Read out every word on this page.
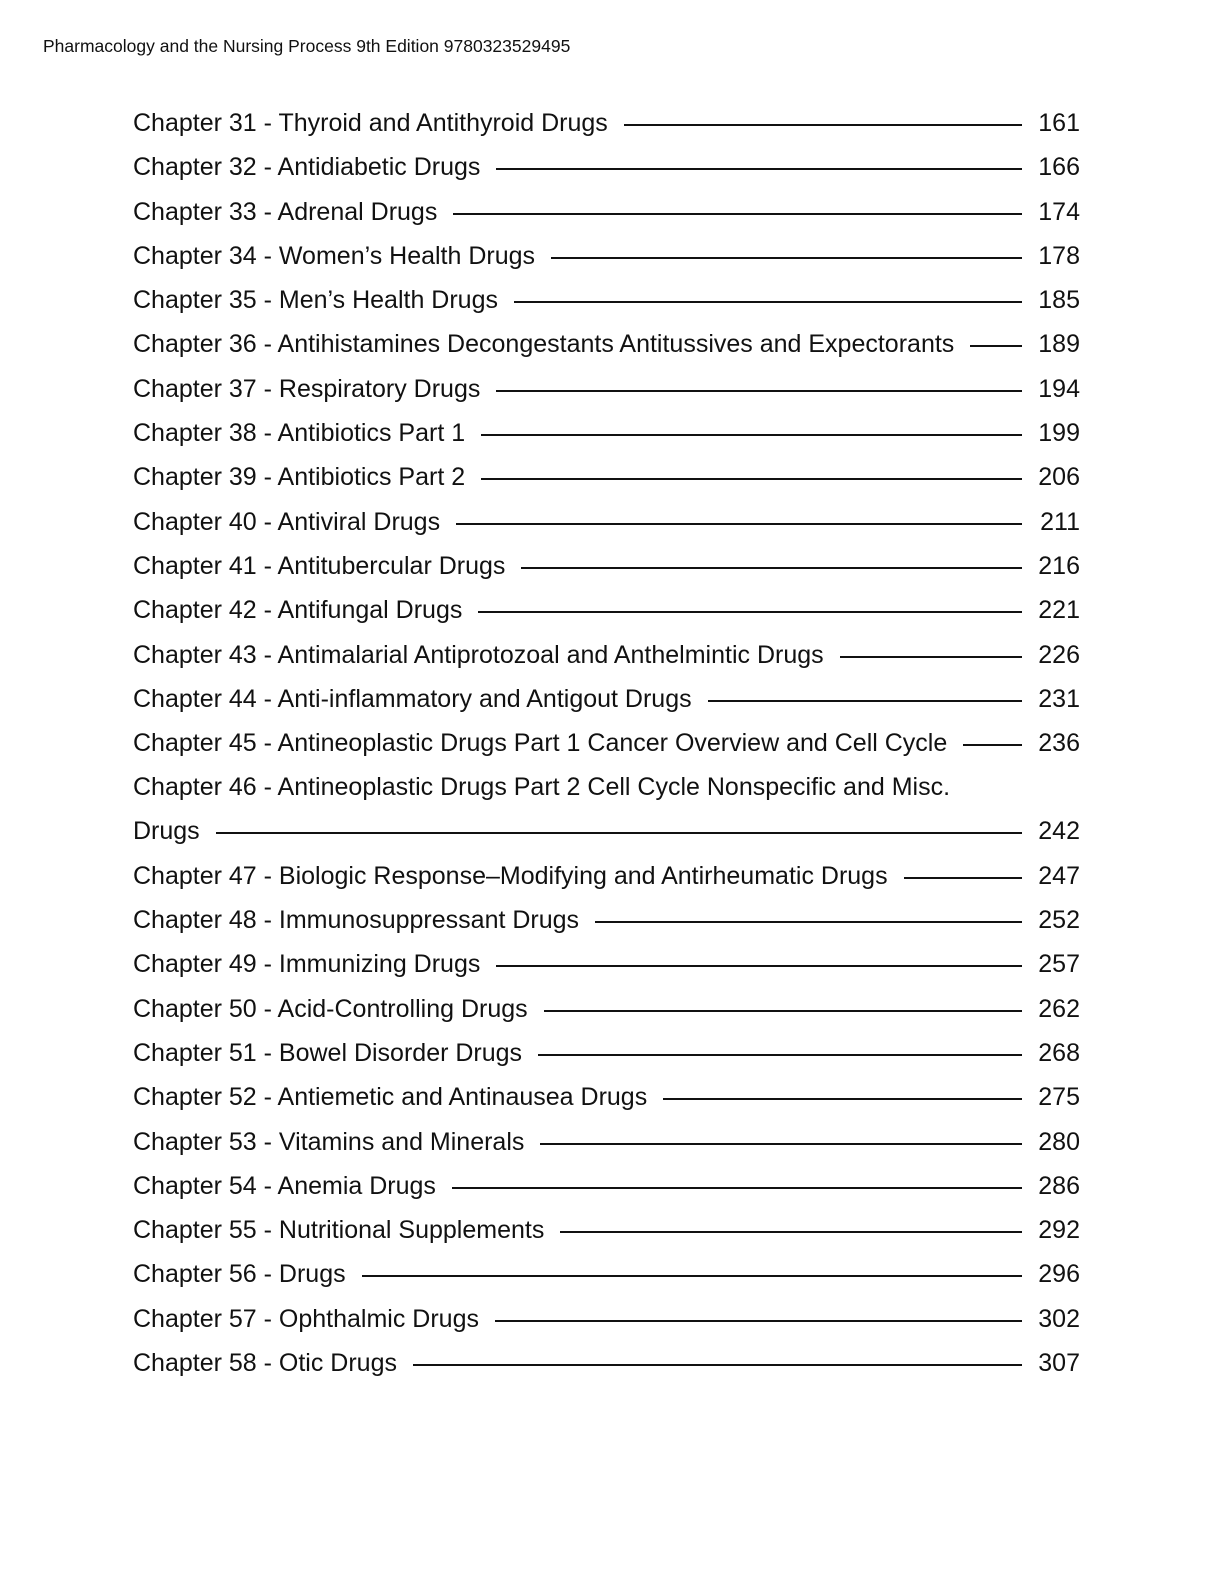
Pharmacology and the Nursing Process 9th Edition 9780323529495
Chapter 31 - Thyroid and Antithyroid Drugs	161
Chapter 32 - Antidiabetic Drugs	166
Chapter 33 - Adrenal Drugs	174
Chapter 34 - Women’s Health Drugs	178
Chapter 35 - Men’s Health Drugs	185
Chapter 36 - Antihistamines Decongestants Antitussives and Expectorants	189
Chapter 37 - Respiratory Drugs	194
Chapter 38 - Antibiotics Part 1	199
Chapter 39 - Antibiotics Part 2	206
Chapter 40 - Antiviral Drugs	211
Chapter 41 - Antitubercular Drugs	216
Chapter 42 - Antifungal Drugs	221
Chapter 43 - Antimalarial Antiprotozoal and Anthelmintic Drugs	226
Chapter 44 - Anti-inflammatory and Antigout Drugs	231
Chapter 45 - Antineoplastic Drugs Part 1 Cancer Overview and Cell Cycle	236
Chapter 46 - Antineoplastic Drugs Part 2 Cell Cycle Nonspecific and Misc.
Drugs	242
Chapter 47 - Biologic Response–Modifying and Antirheumatic Drugs	247
Chapter 48 - Immunosuppressant Drugs	252
Chapter 49 - Immunizing Drugs	257
Chapter 50 - Acid-Controlling Drugs	262
Chapter 51 - Bowel Disorder Drugs	268
Chapter 52 - Antiemetic and Antinausea Drugs	275
Chapter 53 - Vitamins and Minerals	280
Chapter 54 - Anemia Drugs	286
Chapter 55 - Nutritional Supplements	292
Chapter 56 - Drugs	296
Chapter 57 - Ophthalmic Drugs	302
Chapter 58 - Otic Drugs	307
